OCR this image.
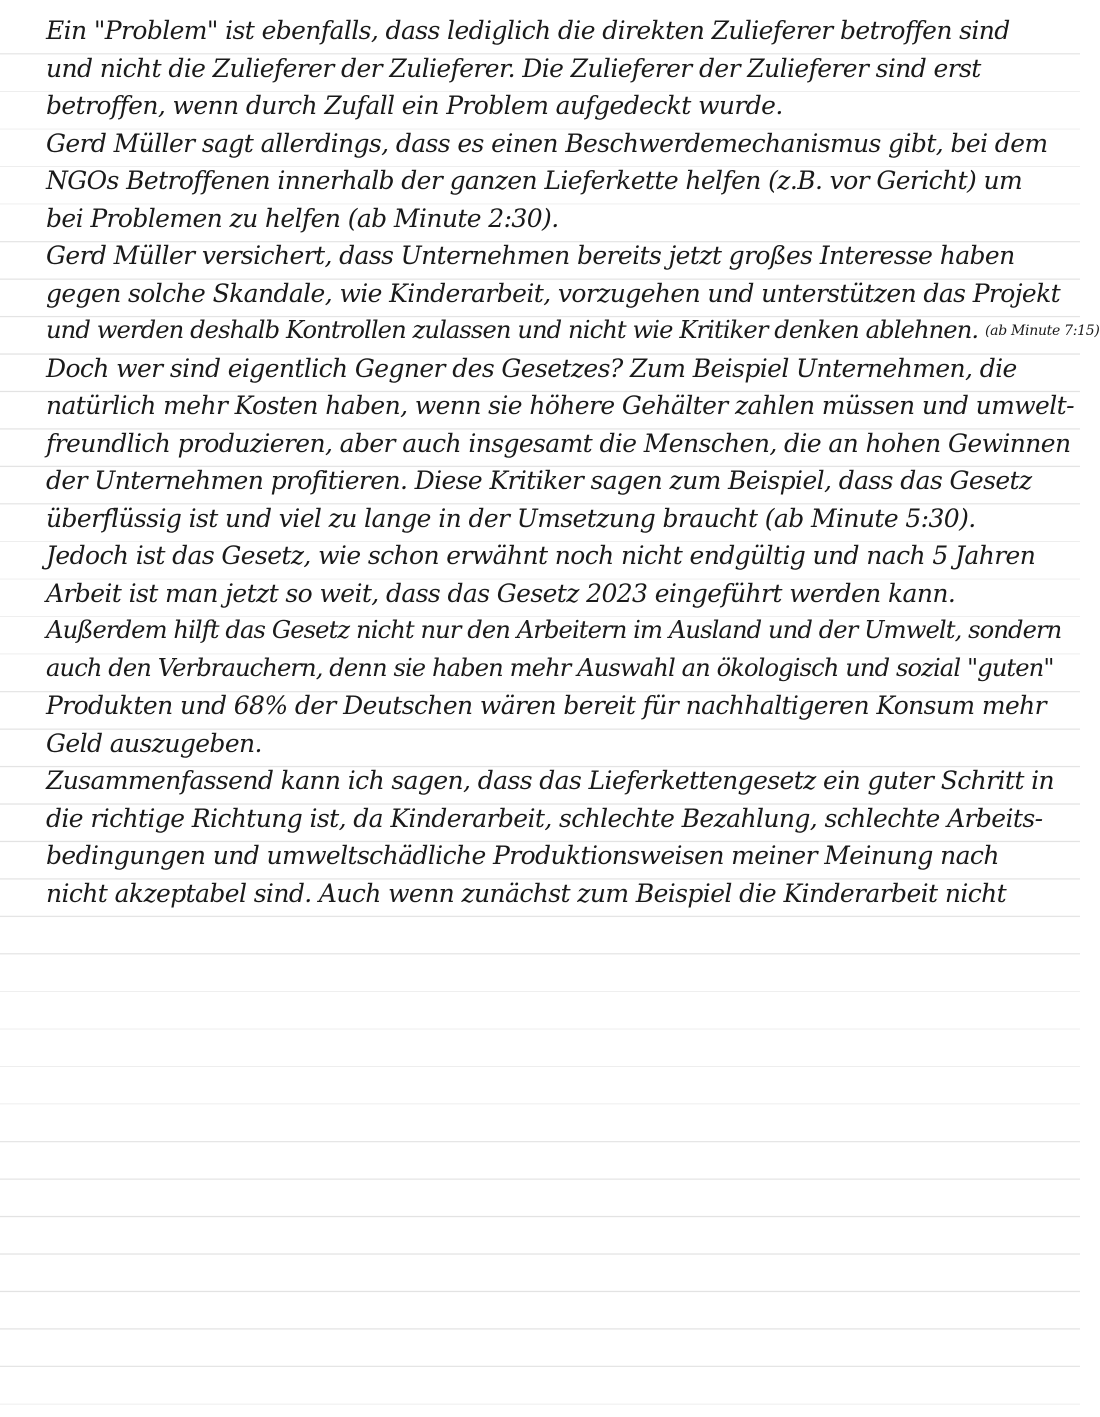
Ein "Problem" ist ebenfalls, dass lediglich die direkten Zulieferer betroffen sind
und nicht die Zulieferer der Zulieferer. Die Zulieferer der Zulieferer sind erst
betroffen, wenn durch Zufall ein Problem aufgedeckt wurde.
Gerd Müller sagt allerdings, dass es einen Beschwerdemechanismus gibt, bei dem
NGOs Betroffenen innerhalb der ganzen Lieferkette helfen (z.B. vor Gericht) um
bei Problemen zu helfen (ab Minute 2:30).
Gerd Müller versichert, dass Unternehmen bereits jetzt großes Interesse haben
gegen solche Skandale, wie Kinderarbeit, vorzugehen und unterstützen das Projekt
und werden deshalb Kontrollen zulassen und nicht wie Kritiker denken ablehnen. (ab Minute 7:15)
Doch wer sind eigentlich Gegner des Gesetzes? Zum Beispiel Unternehmen, die
natürlich mehr Kosten haben, wenn sie höhere Gehälter zahlen müssen und umwelt-
freundlich produzieren, aber auch insgesamt die Menschen, die an hohen Gewinnen
der Unternehmen profitieren. Diese Kritiker sagen zum Beispiel, dass das Gesetz
überflüssig ist und viel zu lange in der Umsetzung braucht (ab Minute 5:30).
Jedoch ist das Gesetz, wie schon erwähnt noch nicht endgültig und nach 5 Jahren
Arbeit ist man jetzt so weit, dass das Gesetz 2023 eingeführt werden kann.
Außerdem hilft das Gesetz nicht nur den Arbeitern im Ausland und der Umwelt, sondern
auch den Verbrauchern, denn sie haben mehr Auswahl an ökologisch und sozial "guten"
Produkten und 68% der Deutschen wären bereit für nachhaltigeren Konsum mehr
Geld auszugeben.
Zusammenfassend kann ich sagen, dass das Lieferkettengesetz ein guter Schritt in
die richtige Richtung ist, da Kinderarbeit, schlechte Bezahlung, schlechte Arbeits-
bedingungen und umweltschädliche Produktionsweisen meiner Meinung nach
nicht akzeptabel sind. Auch wenn zunächst zum Beispiel die Kinderarbeit nicht
